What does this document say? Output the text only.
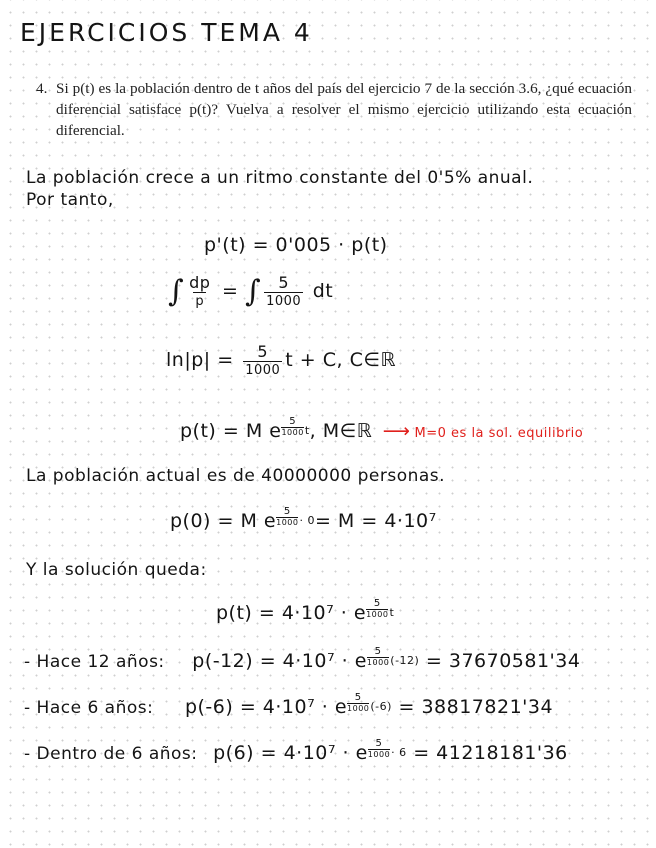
EJERCICIOS TEMA 4
4. Si p(t) es la población dentro de t años del país del ejercicio 7 de la sección 3.6, ¿qué ecuación diferencial satisface p(t)? Vuelva a resolver el mismo ejercicio utilizando esta ecuación diferencial.
La población crece a un ritmo constante del 0'5% anual.
Por tanto,
p'(t) = 0'005 · p(t)
∫ $\frac{dp}{p}$ = ∫ $\frac{5}{1000}$ dt
$\ln|p| = \frac{5}{1000}$ t + C, C∈ℝ
p(t) = M e 5
1000 t , M∈ℝ ⟶ M=0 es la sol. equilibrio
La población actual es de 40000000 personas.
p(0) = M e 5
1000 · 0 = M = 4·10⁷
Y la solución queda:
p(t) = 4·10⁷ · e 5
1000 t
- Hace 12 años: p(-12) = 4·10⁷ · e 5
1000 (-12) = 37670581'34
- Hace 6 años: p(-6) = 4·10⁷ · e 5
1000 (-6) = 38817821'34
- Dentro de 6 años: p(6) = 4·10⁷ · e 5
1000 · 6 = 41218181'36
